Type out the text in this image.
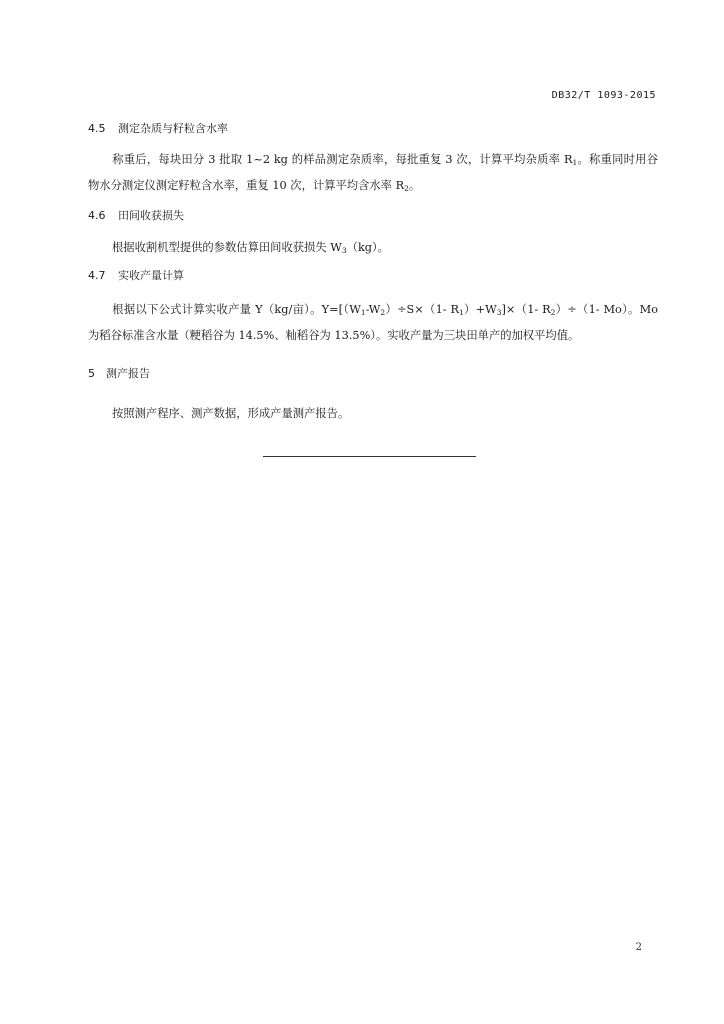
DB32/T 1093-2015
4.5 测定杂质与籽粒含水率

称重后，每块田分 3 批取 1~2 kg 的样品测定杂质率，每批重复 3 次，计算平均杂质率 $R_1$。称重同时用谷物水分测定仪测定籽粒含水率，重复 10 次，计算平均含水率 $R_2$。

4.6 田间收获损失

根据收割机型提供的参数估算田间收获损失 $W_3(kg)$。

4.7 实收产量计算

根据以下公式计算实收产量 Y（kg/亩）。$Y=[(W_1-W_2)\div S\times(1-$ $R_1)+W_3]\times(1-$ $R_2)\div(1-$ Mo）。Mo 为稻谷标准含水量（粳稻谷为 14.5%、籼稻谷为 13.5%）。实收产量为三块田单产的加权平均值。

5 测产报告

按照测产程序、测产数据，形成产量测产报告。

2
